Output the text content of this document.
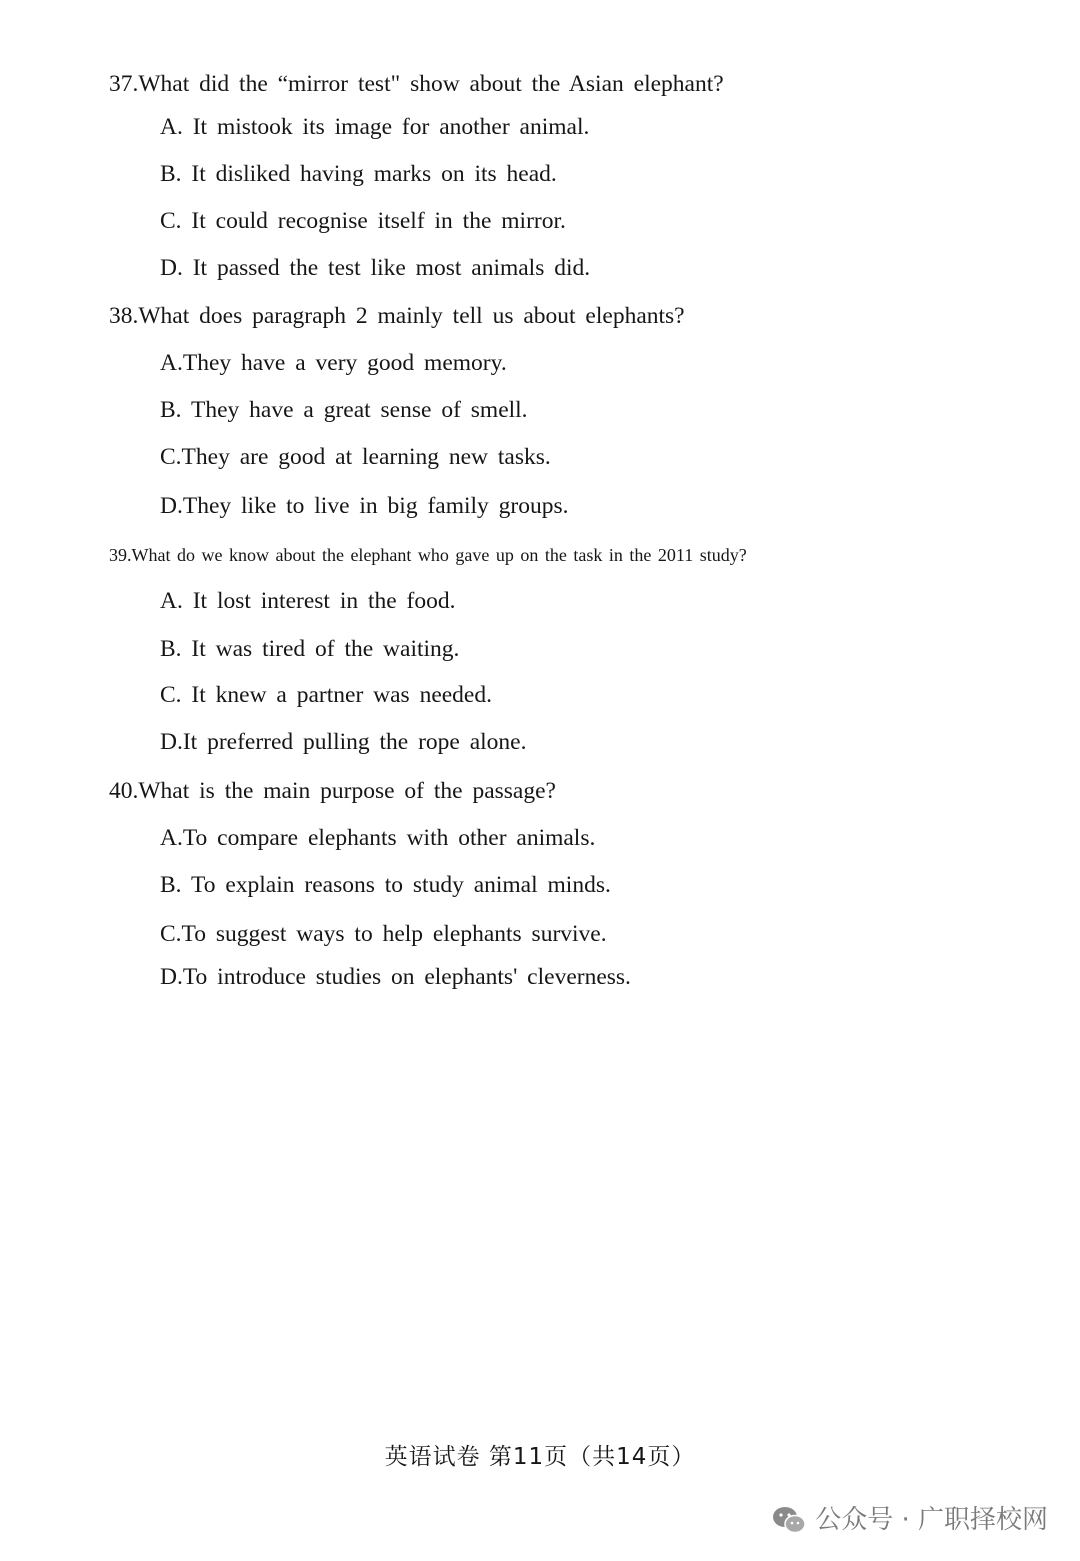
37.What did the “mirror test" show about the Asian elephant?
A. It mistook its image for another animal.
B. It disliked having marks on its head.
C. It could recognise itself in the mirror.
D. It passed the test like most animals did.
38.What does paragraph 2 mainly tell us about elephants?
A.They have a very good memory.
B. They have a great sense of smell.
C.They are good at learning new tasks.
D.They like to live in big family groups.
39.What do we know about the elephant who gave up on the task in the 2011 study?
A. It lost interest in the food.
B. It was tired of the waiting.
C. It knew a partner was needed.
D.It preferred pulling the rope alone.
40.What is the main purpose of the passage?
A.To compare elephants with other animals.
B. To explain reasons to study animal minds.
C.To suggest ways to help elephants survive.
D.To introduce studies on elephants' cleverness.
英语试卷 第11页（共14页）
公众号 · 广职择校网
